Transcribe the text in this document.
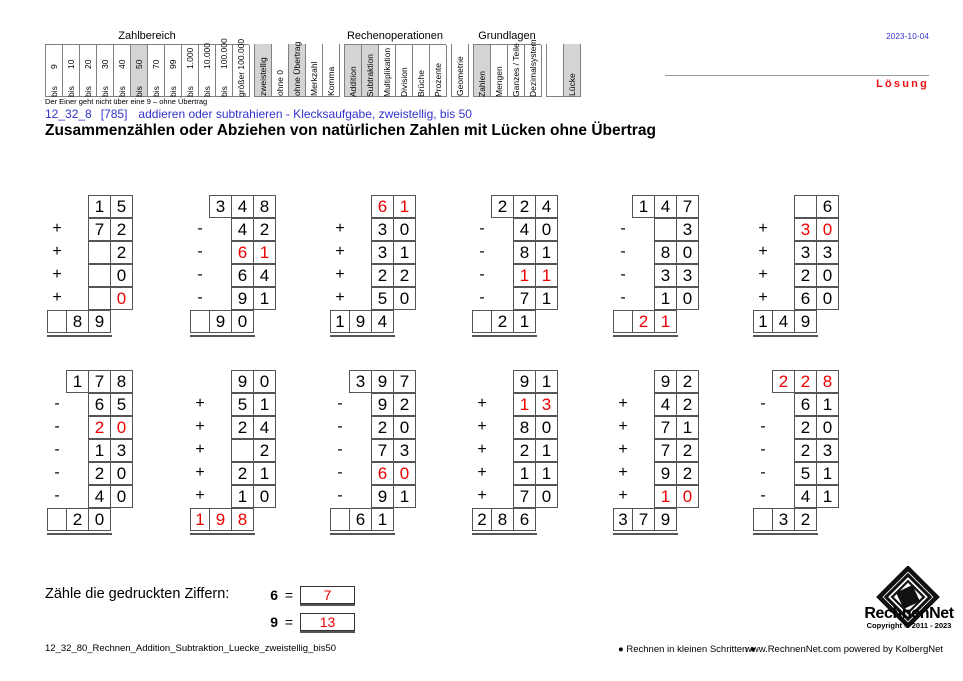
Zahlbereich
9
bis
10
bis
20
bis
30
bis
40
bis
50
bis
70
bis
99
bis
1.000
bis
10.000
bis
100.000
bis größer 100.000 zweistellig ohne 0 ohne Übertrag Merkzahl Komma
Rechenoperationen
Addition Subtraktion Multiplikation Division Brüche Prozente Geometrie
Grundlagen
Zahlen Mengen Ganzes / Teile Dezimalsystem	Lücke
2023-10-04
Lösung
Der Einer geht nicht über eine 9 – ohne Übertrag
12_32_8 [785] addieren oder subtrahieren - Klecksaufgabe, zweistellig, bis 50
Zusammenzählen oder Abziehen von natürlichen Zahlen mit Lücken ohne Übertrag
1 5
+	7 2
+	2
+	0
+	0
8 9
3 4 8
-	4 2
-	6 1
-	6 4
-	9 1
9 0
6 1
+	3 0
+	3 1
+	2 2
+	5 0
1 9 4
2 2 4
-	4 0
-	8 1
-	1 1
-	7 1
2 1
1 4 7
-	3
-	8 0
-	3 3
-	1 0
2 1
6
+	3 0
+	3 3
+	2 0
+	6 0
1 4 9
1 7 8
-	6 5
-	2 0
-	1 3
-	2 0
-	4 0
2 0
9 0
+	5 1
+	2 4
+	2
+	2 1
+	1 0
1 9 8
3 9 7
-	9 2
-	2 0
-	7 3
-	6 0
-	9 1
6 1
9 1
+	1 3
+	8 0
+	2 1
+	1 1
+	7 0
2 8 6
9 2
+	4 2
+	7 1
+	7 2
+	9 2
+	1 0
3 7 9
2 2 8
-	6 1
-	2 0
-	2 3
-	5 1
-	4 1
3 2
Zähle die gedruckten Ziffern:	6 =	7
9 =	13	RechnenNet
Copyright © 2011 - 2023
12_32_80_Rechnen_Addition_Subtraktion_Luecke_zweistellig_bis50	● Rechnen in kleinen Schritten ●
www.RechnenNet.com powered by KolbergNet
